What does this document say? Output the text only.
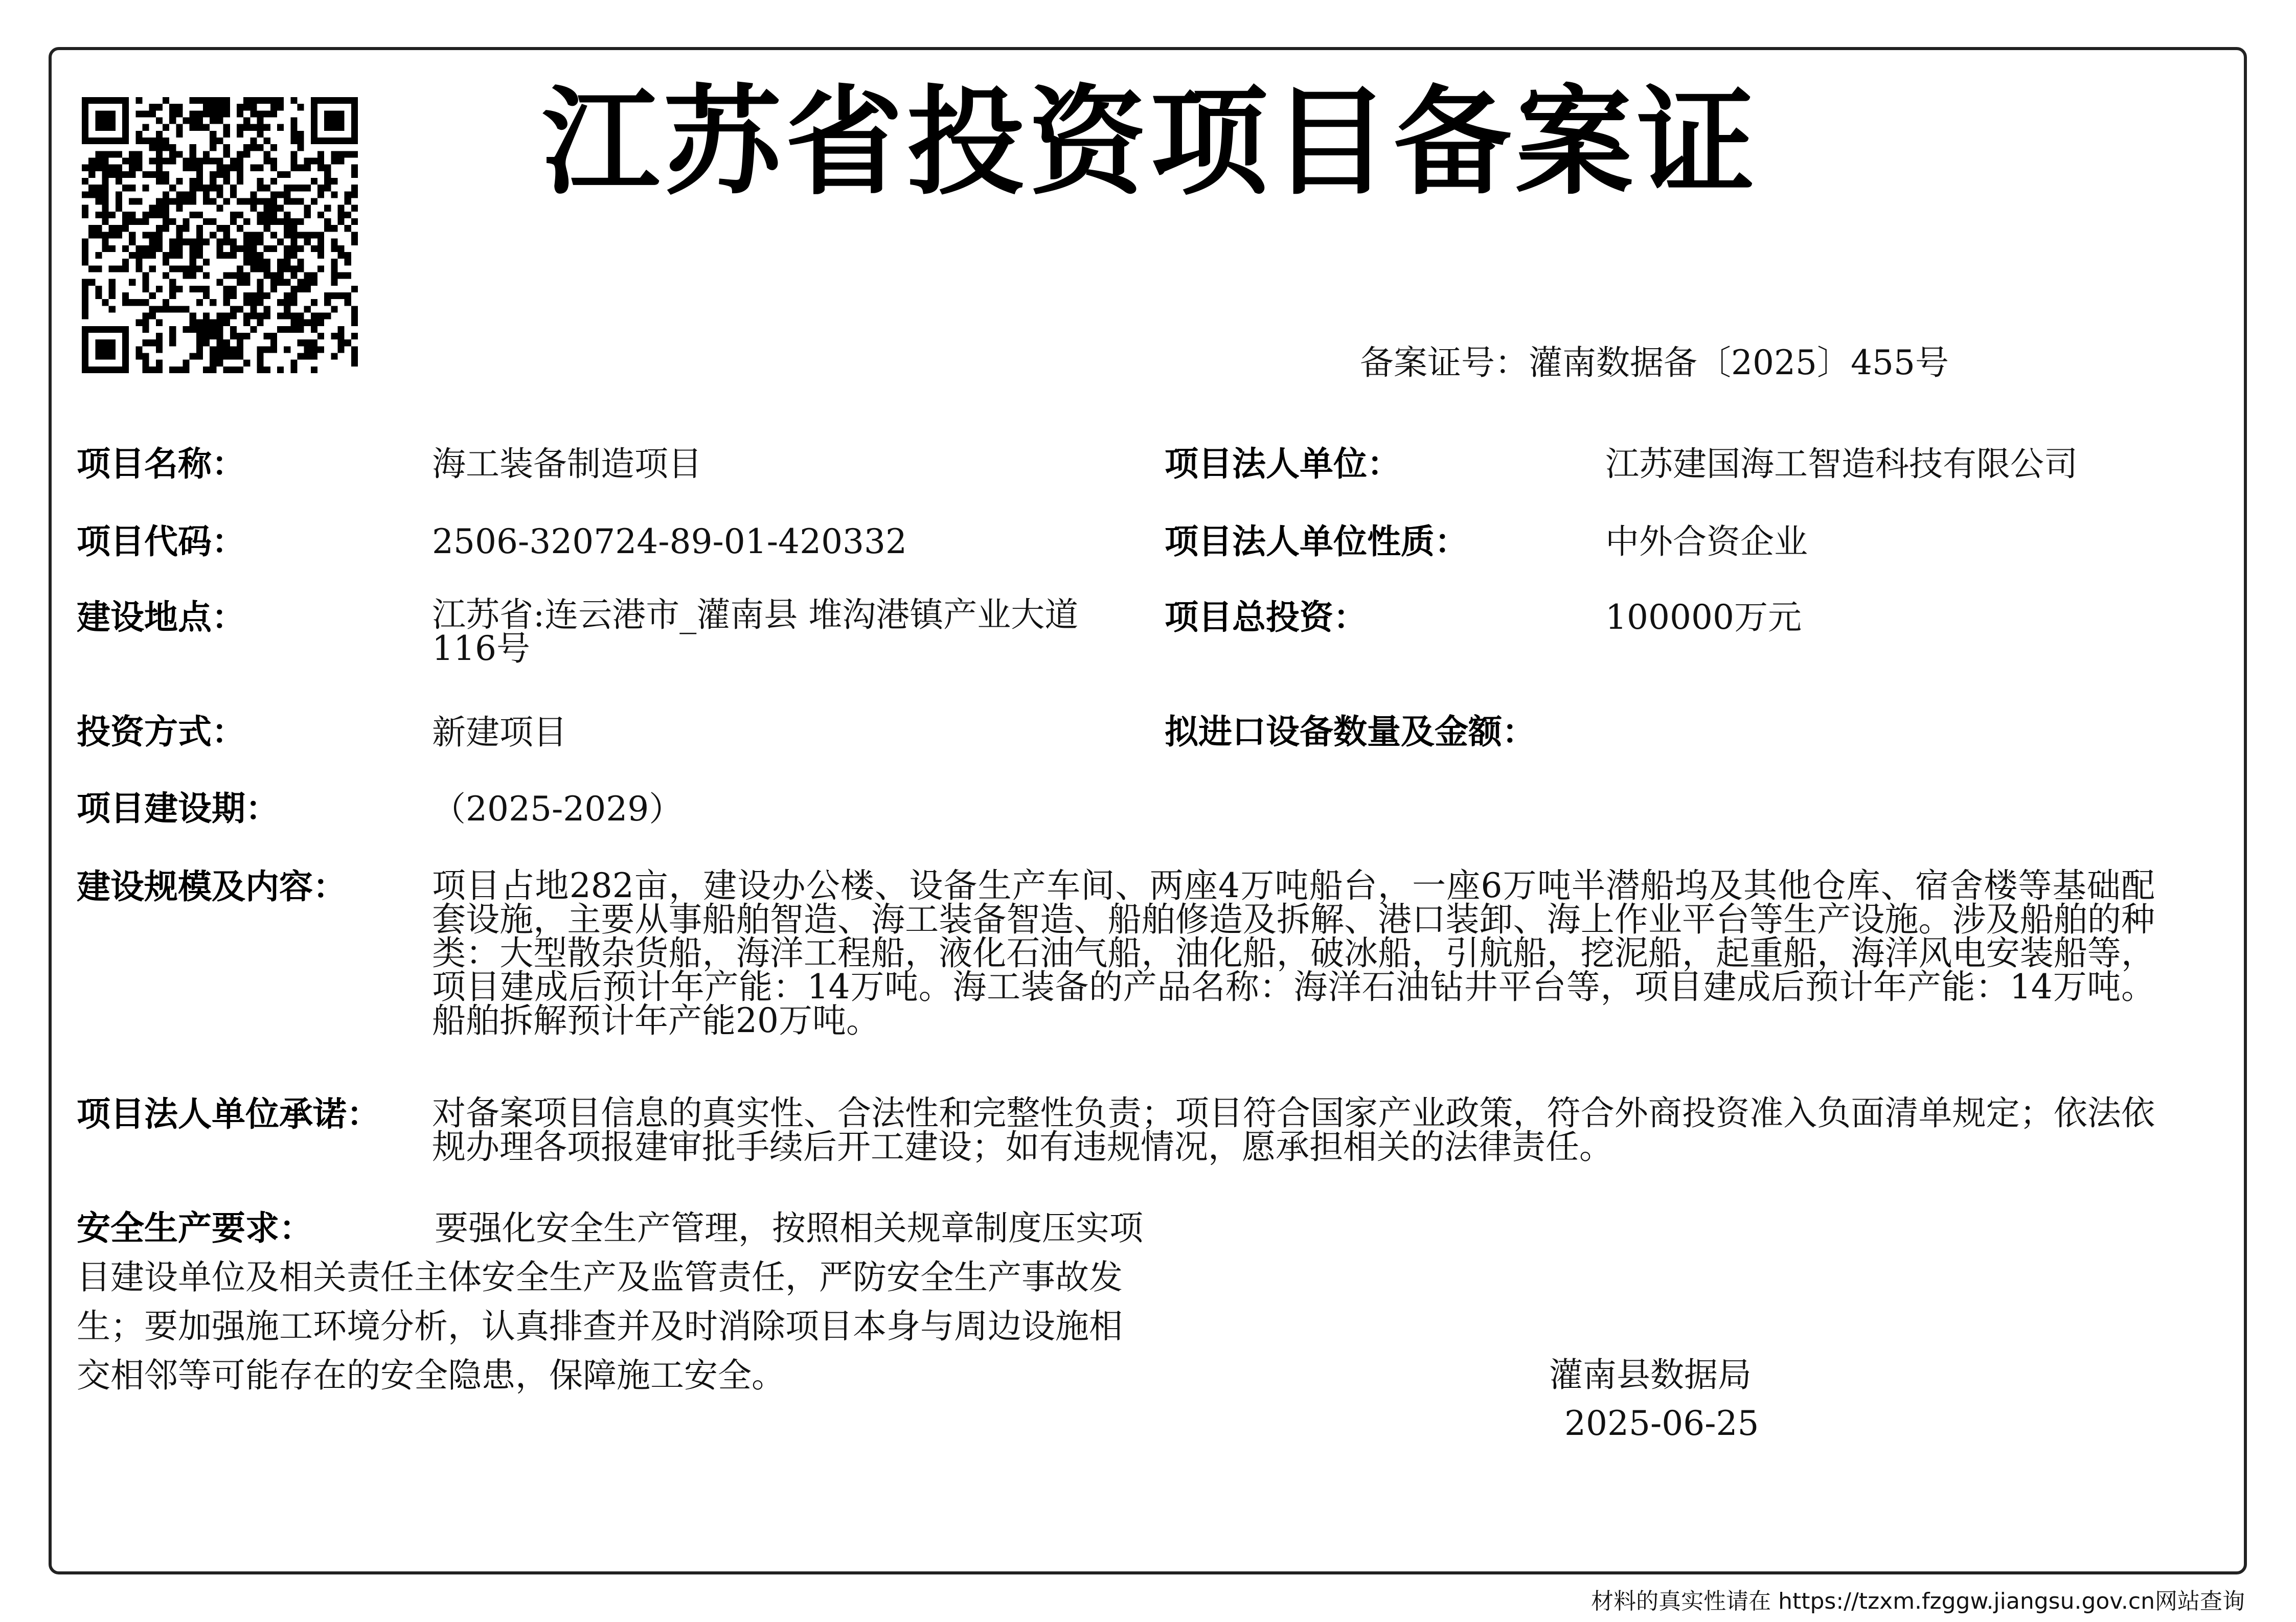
江苏省投资项目备案证
备案证号：灌南数据备〔2025〕455号
项目名称：	海工装备制造项目	项目法人单位：	江苏建国海工智造科技有限公司
项目代码：	2506-320724-89-01-420332	项目法人单位性质：	中外合资企业
建设地点：	江苏省:连云港市_灌南县 堆沟港镇产业大道116号
项目总投资：	100000万元
投资方式：	新建项目	拟进口设备数量及金额：
项目建设期：	（2025-2029）
建设规模及内容：	项目占地282亩，建设办公楼、设备生产车间、两座4万吨船台，一座6万吨半潜船坞及其他仓库、宿舍楼等基础配套设施，主要从事船舶智造、海工装备智造、船舶修造及拆解、港口装卸、海上作业平台等生产设施。涉及船舶的种类：大型散杂货船，海洋工程船，液化石油气船，油化船，破冰船，引航船，挖泥船，起重船，海洋风电安装船等，项目建成后预计年产能：14万吨。海工装备的产品名称：海洋石油钻井平台等，项目建成后预计年产能：14万吨。船舶拆解预计年产能20万吨。
项目法人单位承诺： 对备案项目信息的真实性、合法性和完整性负责；项目符合国家产业政策，符合外商投资准入负面清单规定；依法依规办理各项报建审批手续后开工建设；如有违规情况，愿承担相关的法律责任。
安全生产要求：	要强化安全生产管理，按照相关规章制度压实项目建设单位及相关责任主体安全生产及监管责任，严防安全生产事故发生；要加强施工环境分析，认真排查并及时消除项目本身与周边设施相交相邻等可能存在的安全隐患，保障施工安全。	灌南县数据局
2025-06-25
材料的真实性请在 https://tzxm.fzggw.jiangsu.gov.cn网站查询
